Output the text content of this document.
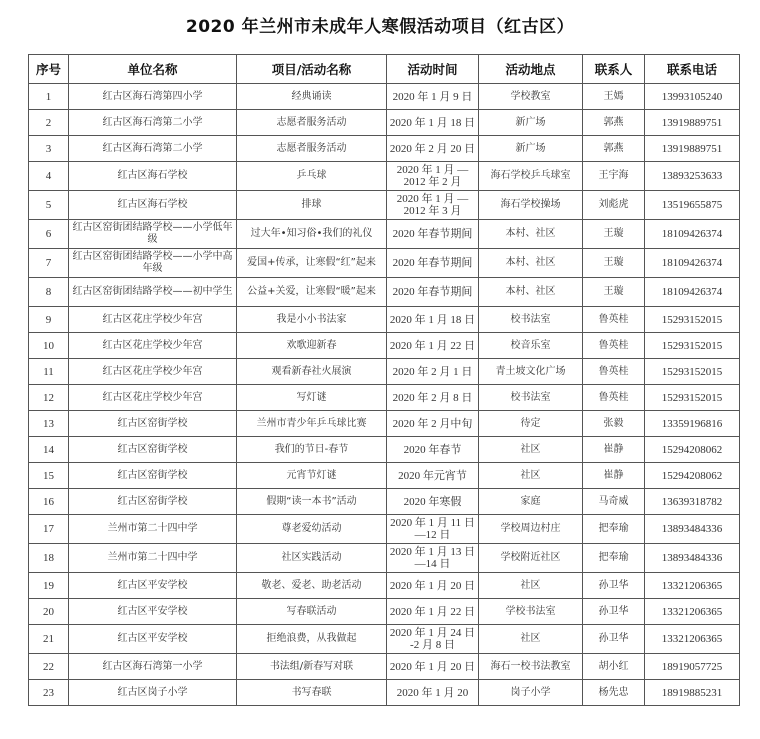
2020 年兰州市未成年人寒假活动项目（红古区）
序号	单位名称	项目/活动名称	活动时间	活动地点	联系人	联系电话
1	红古区海石湾第四小学	经典诵读	2020 年 1 月 9 日	学校教室	王嫣	13993105240
2	红古区海石湾第二小学	志愿者服务活动	2020 年 1 月 18 日	新广场	郭燕	13919889751
3	红古区海石湾第二小学	志愿者服务活动	2020 年 2 月 20 日	新广场	郭燕	13919889751
4	红古区海石学校	乒乓球	2020 年 1 月 —2012 年 2 月	海石学校乒乓球室	王宇海	13893253633
5	红古区海石学校	排球	2020 年 1 月 —2012 年 3 月	海石学校操场	刘彪虎	13519655875
6	红古区窑街团结路学校——小学低年级	过大年•知习俗•我们的礼仪	2020 年春节期间	本村、社区	王璇	18109426374
7	红古区窑街团结路学校——小学中高年级	爱国+传承，让寒假“红”起来	2020 年春节期间	本村、社区	王璇	18109426374
8	红古区窑街团结路学校——初中学生	公益+关爱，让寒假“暖”起来	2020 年春节期间	本村、社区	王璇	18109426374
9	红古区花庄学校少年宫	我是小小书法家	2020 年 1 月 18 日	校书法室	鲁英桂	15293152015
10	红古区花庄学校少年宫	欢歌迎新春	2020 年 1 月 22 日	校音乐室	鲁英桂	15293152015
11	红古区花庄学校少年宫	观看新春社火展演	2020 年 2 月 1 日	青土坡文化广场	鲁英桂	15293152015
12	红古区花庄学校少年宫	写灯谜	2020 年 2 月 8 日	校书法室	鲁英桂	15293152015
13	红古区窑街学校	兰州市青少年乒乓球比赛	2020 年 2 月中旬	待定	张毅	13359196816
14	红古区窑街学校	我们的节日-春节	2020 年春节	社区	崔静	15294208062
15	红古区窑街学校	元宵节灯谜	2020 年元宵节	社区	崔静	15294208062
16	红古区窑街学校	假期“读一本书”活动	2020 年寒假	家庭	马奇威	13639318782
17	兰州市第二十四中学	尊老爱幼活动	2020 年 1 月 11 日 —12 日	学校周边村庄	把奉瑜	13893484336
18	兰州市第二十四中学	社区实践活动	2020 年 1 月 13 日 —14 日	学校附近社区	把奉瑜	13893484336
19	红古区平安学校	敬老、爱老、助老活动	2020 年 1 月 20 日	社区	孙卫华	13321206365
20	红古区平安学校	写春联活动	2020 年 1 月 22 日	学校书法室	孙卫华	13321206365
21	红古区平安学校	拒绝浪费，从我做起	2020 年 1 月 24 日 -2 月 8 日	社区	孙卫华	13321206365
22	红古区海石湾第一小学	书法组/新春写对联	2020 年 1 月 20 日	海石一校书法教室	胡小红	18919057725
23	红古区岗子小学	书写春联	2020 年 1 月 20	岗子小学	杨先忠	18919885231
